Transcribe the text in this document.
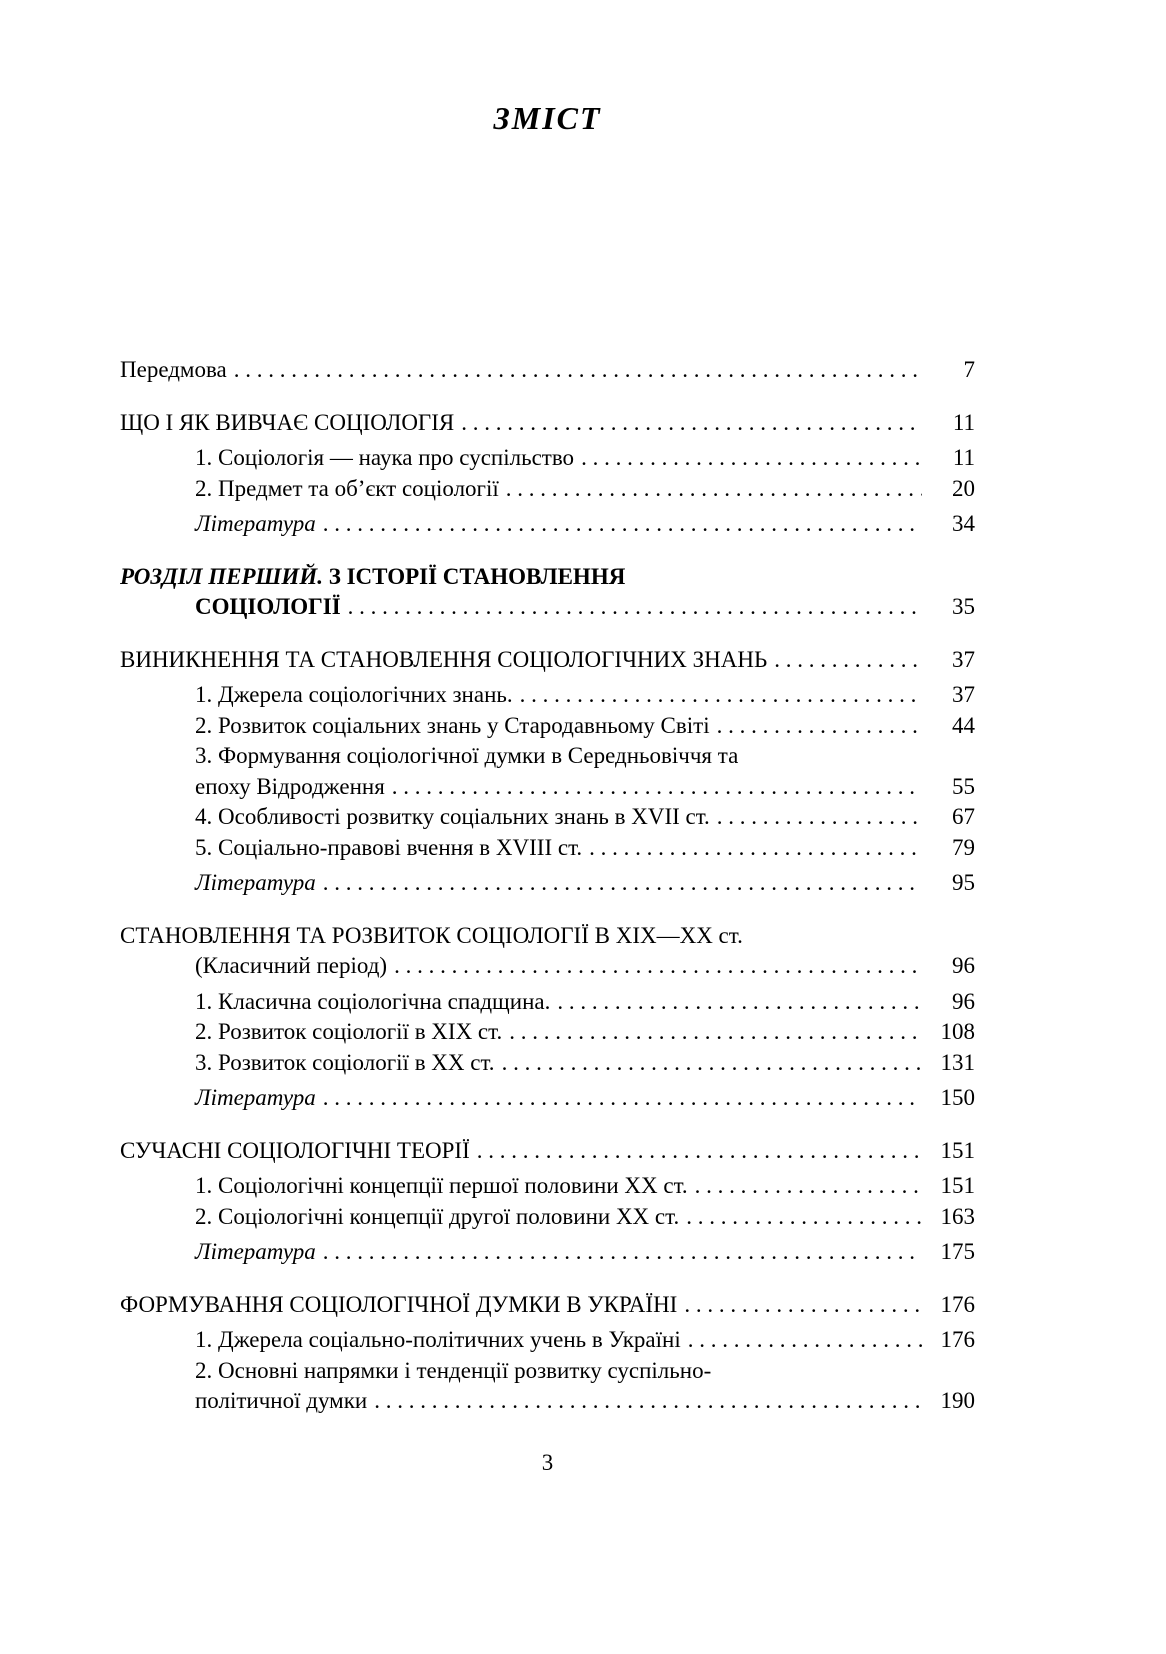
ЗМІСТ
Передмова . . .	7
ЩО І ЯК ВИВЧАЄ СОЦІОЛОГІЯ . . .	11
1. Соціологія — наука про суспільство . . .	11
2. Предмет та об’єкт соціології . . .	20
Література . . .	34
РОЗДІЛ ПЕРШИЙ. З ІСТОРІЇ СТАНОВЛЕННЯ
СОЦІОЛОГІЇ . . .	35
ВИНИКНЕННЯ ТА СТАНОВЛЕННЯ СОЦІОЛОГІЧНИХ ЗНАНЬ . . .	37
1. Джерела соціологічних знань. . . .	37
2. Розвиток соціальних знань у Стародавньому Світі . . .	44
3. Формування соціологічної думки в Середньовіччя та
епоху Відродження . . .	55
4. Особливості розвитку соціальних знань в XVII ст. . . .	67
5. Соціально-правові вчення в XVIII ст. . . .	79
Література . . .	95
СТАНОВЛЕННЯ ТА РОЗВИТОК СОЦІОЛОГІЇ В XIX—XX ст.
(Класичний період) . . .	96
1. Класична соціологічна спадщина. . . .	96
2. Розвиток соціології в XIX ст. . . .	108
3. Розвиток соціології в XX ст. . . .	131
Література . . .	150
СУЧАСНІ СОЦІОЛОГІЧНІ ТЕОРІЇ . . .	151
1. Соціологічні концепції першої половини XX ст. . . .	151
2. Соціологічні концепції другої половини XX ст. . . .	163
Література . . .	175
ФОРМУВАННЯ СОЦІОЛОГІЧНОЇ ДУМКИ В УКРАЇНІ . . .	176
1. Джерела соціально-політичних учень в Україні . . .	176
2. Основні напрямки і тенденції розвитку суспільно-
політичної думки . . .	190
3
